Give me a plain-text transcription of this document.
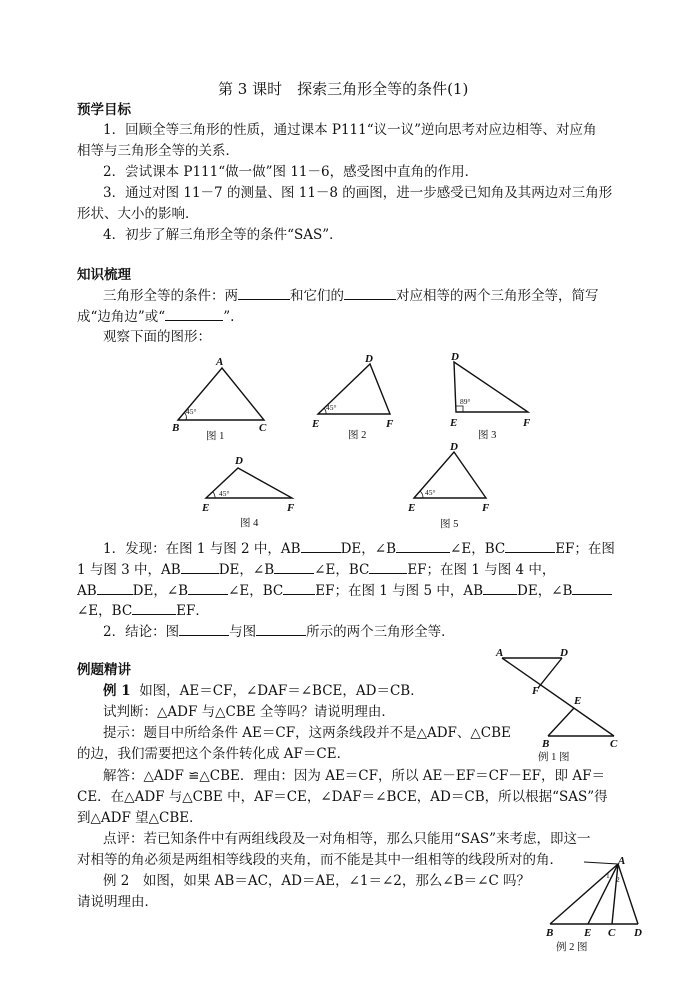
第 3 课时　探索三角形全等的条件(1)
预学目标
1．回顾全等三角形的性质，通过课本 P111“议一议”逆向思考对应边相等、对应角
相等与三角形全等的关系．
2．尝试课本 P111“做一做”图 11－6，感受图中直角的作用．
3．通过对图 11－7 的测量、图 11－8 的画图，进一步感受已知角及其两边对三角形
形状、大小的影响．
4．初步了解三角形全等的条件“SAS”．
知识梳理
三角形全等的条件：两	和它们的	对应相等的两个三角形全等，简写
成“边角边”或“	”.
观察下面的图形：
A
B	C
45°
图 1
D
E	F
45°
图 2
D
E	F
89°
图 3
D
E	F
45°
图 4
D
E	F
45°
图 5
1．发现：在图 1 与图 2 中，AB	DE，∠B	∠E，BC	EF；在图
1 与图 3 中，AB	DE，∠B	∠E，BC	EF；在图 1 与图 4 中，
AB	DE，∠B	∠E，BC EF；在图 1 与图 5 中，AB	DE，∠B
∠E，BC	EF．
2．结论：图	与图	所示的两个三角形全等．
例题精讲
例 1 如图，AE＝CF，∠DAF＝∠BCE，AD＝CB．
试判断：△ADF 与△CBE 全等吗？请说明理由．
提示：题目中所给条件 AE＝CF，这两条线段并不是△ADF、△CBE
的边，我们需要把这个条件转化成 AF＝CE．
解答：△ADF ≌△CBE．理由：因为 AE＝CF，所以 AE－EF＝CF－EF，即 AF＝
CE．在△ADF 与△CBE 中，AF＝CE，∠DAF＝∠BCE，AD＝CB，所以根据“SAS”得
到△ADF 望△CBE．
点评：若已知条件中有两组线段及一对角相等，那么只能用“SAS”来考虑，即这一
对相等的角必须是两组相等线段的夹角，而不能是其中一组相等的线段所对的角．
例 2　如图，如果 AB＝AC，AD＝AE，∠1＝∠2，那么∠B＝∠C 吗？
请说明理由．
A	D
F
E
B	C
例 1 图
A
1 2
B	E C D
例 2 图
